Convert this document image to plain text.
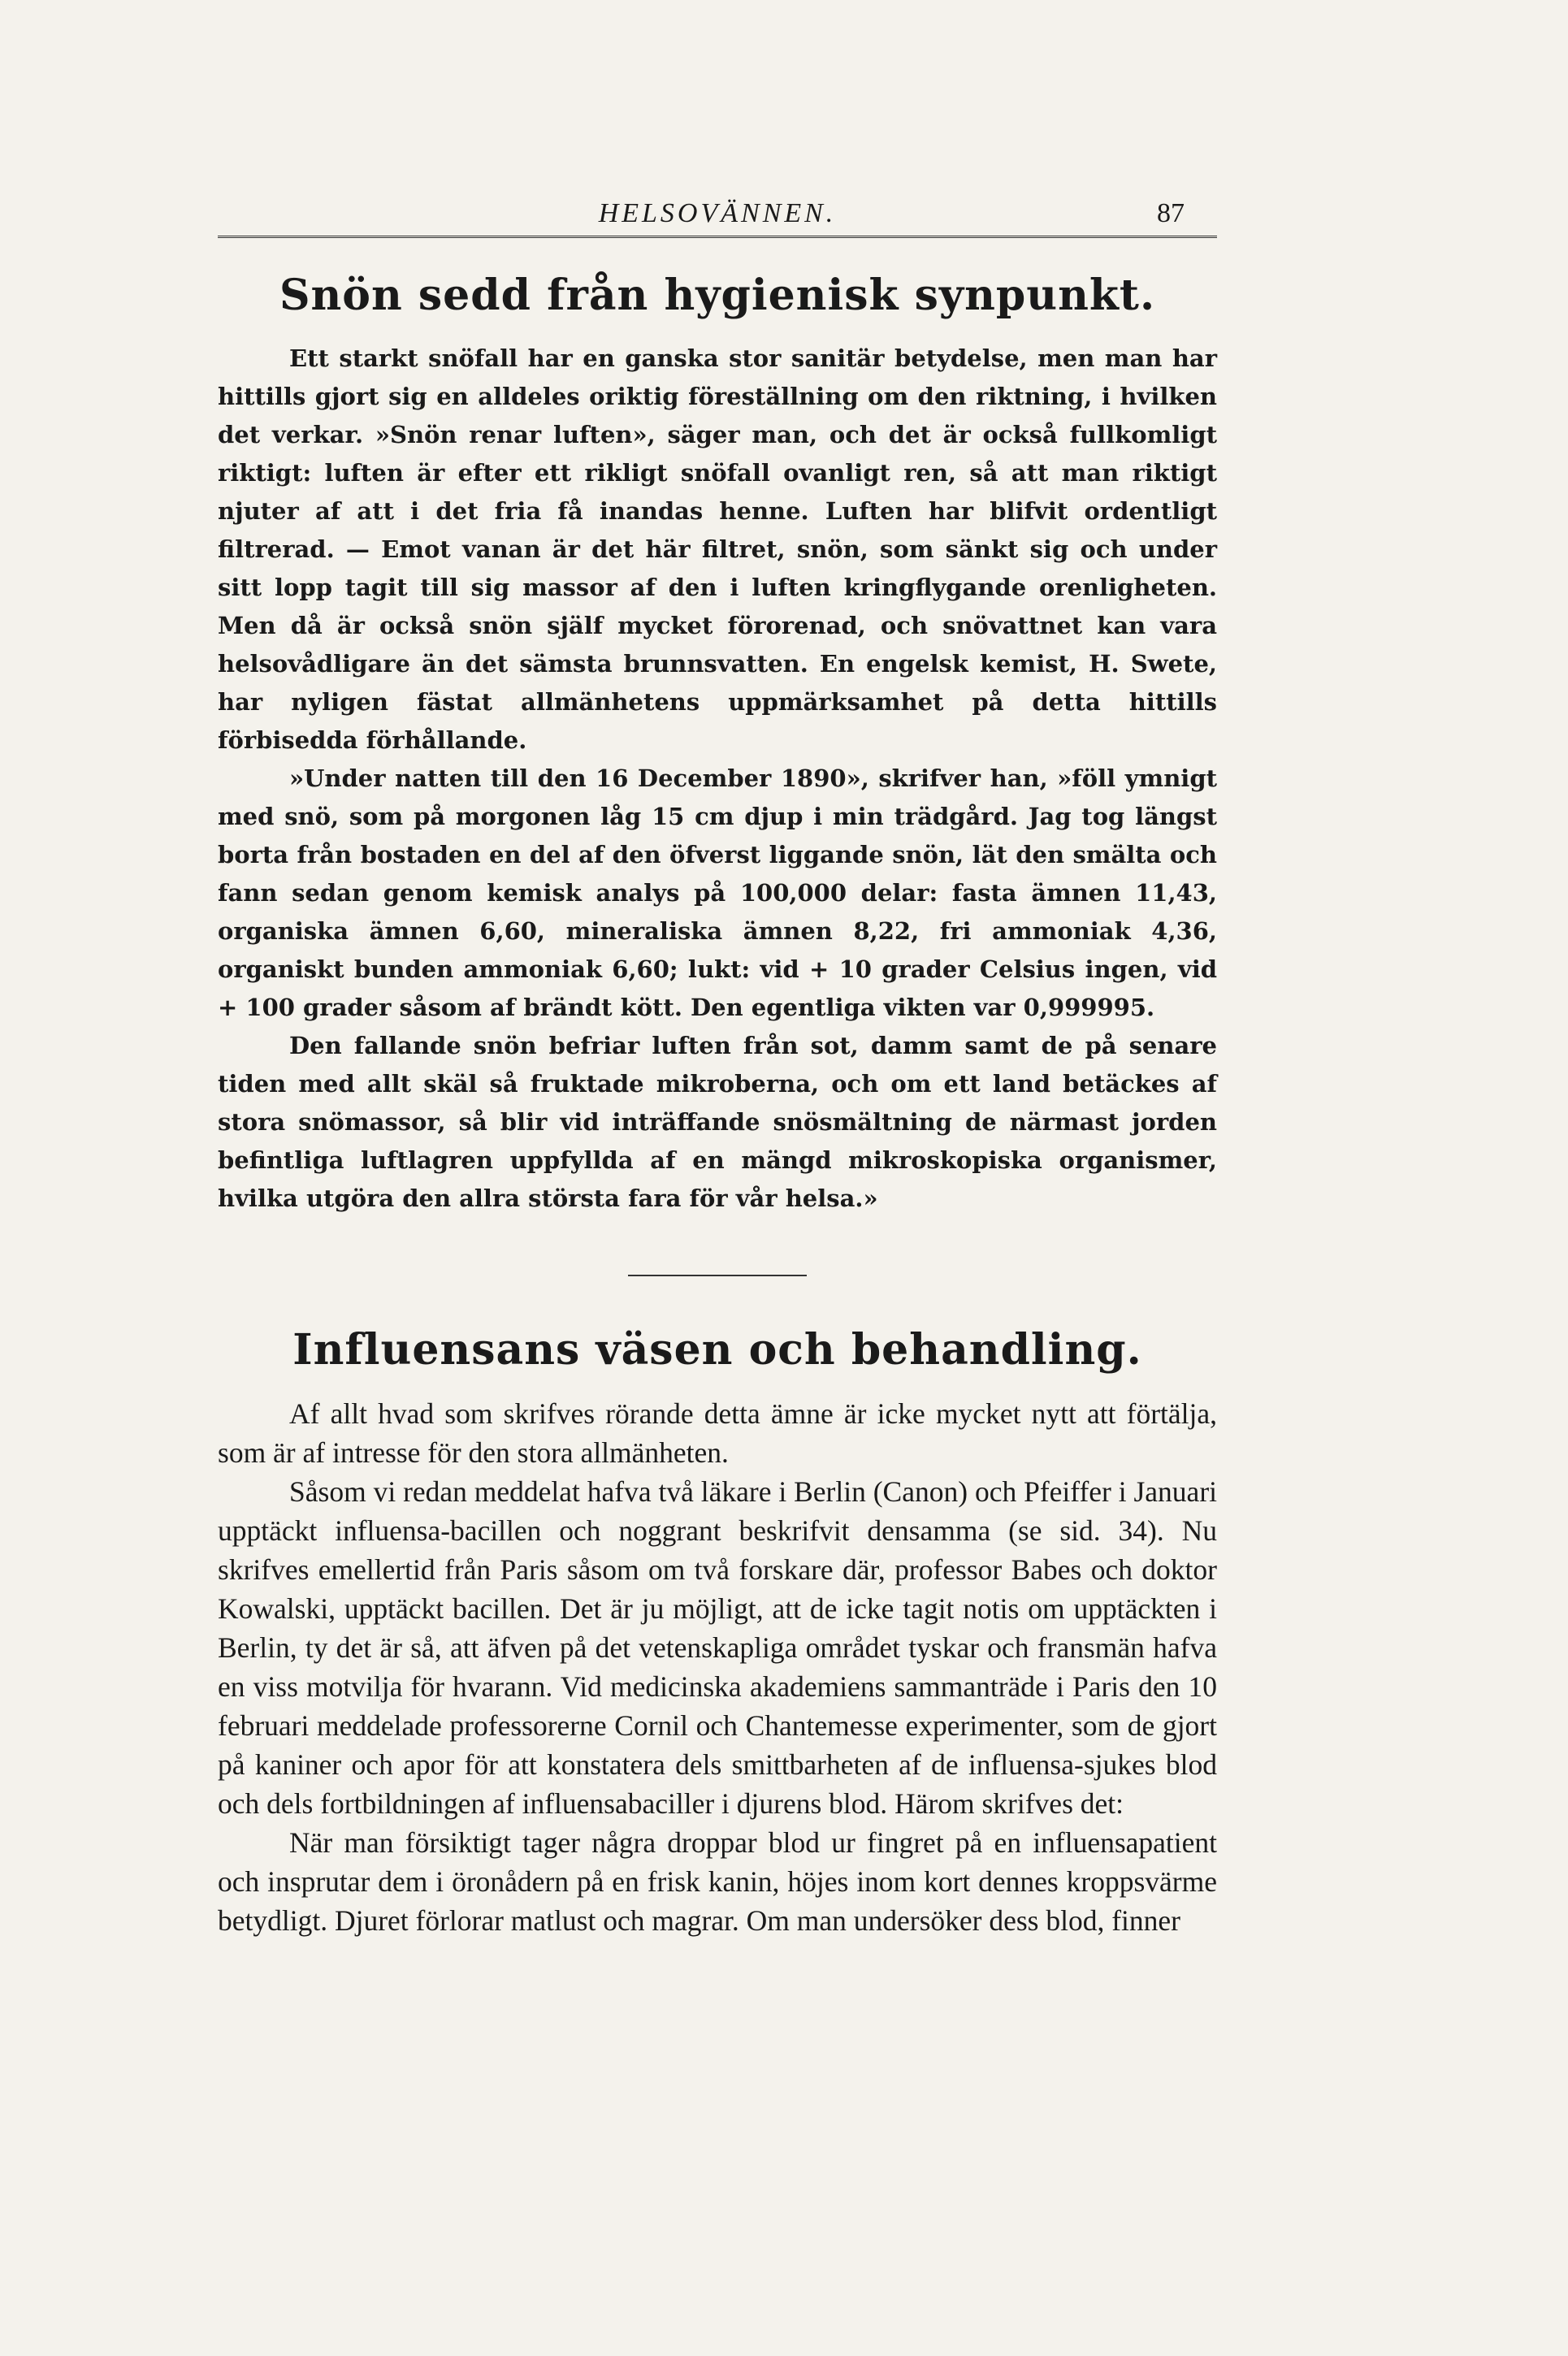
HELSOVÄNNEN.	87
Snön sedd från hygienisk synpunkt.

Ett starkt snöfall har en ganska stor sanitär betydelse, men man har hittills gjort sig en alldeles oriktig föreställning om den riktning, i hvilken det verkar. »Snön renar luften», säger man, och det är också fullkomligt riktigt: luften är efter ett rikligt snöfall ovanligt ren, så att man riktigt njuter af att i det fria få inandas henne. Luften har blifvit ordentligt filtrerad. — Emot vanan är det här filtret, snön, som sänkt sig och under sitt lopp tagit till sig massor af den i luften kringflygande orenligheten. Men då är också snön själf mycket förorenad, och snövattnet kan vara helsovådligare än det sämsta brunnsvatten. En engelsk kemist, H. Swete, har nyligen fästat allmänhetens uppmärksamhet på detta hittills förbisedda förhållande.

»Under natten till den 16 December 1890», skrifver han, »föll ymnigt med snö, som på morgonen låg 15 cm djup i min trädgård. Jag tog längst borta från bostaden en del af den öfverst liggande snön, lät den smälta och fann sedan genom kemisk analys på 100,000 delar: fasta ämnen 11,43, organiska ämnen 6,60, mineraliska ämnen 8,22, fri ammoniak 4,36, organiskt bunden ammoniak 6,60; lukt: vid + 10 grader Celsius ingen, vid + 100 grader såsom af brändt kött. Den egentliga vikten var 0,999995.

Den fallande snön befriar luften från sot, damm samt de på senare tiden med allt skäl så fruktade mikroberna, och om ett land betäckes af stora snömassor, så blir vid inträffande snösmältning de närmast jorden befintliga luftlagren uppfyllda af en mängd mikroskopiska organismer, hvilka utgöra den allra största fara för vår helsa.»

Influensans väsen och behandling.

Af allt hvad som skrifves rörande detta ämne är icke mycket nytt att förtälja, som är af intresse för den stora allmänheten.

Såsom vi redan meddelat hafva två läkare i Berlin (Canon) och Pfeiffer i Januari upptäckt influensa-bacillen och noggrant beskrifvit densamma (se sid. 34). Nu skrifves emellertid från Paris såsom om två forskare där, professor Babes och doktor Kowalski, upptäckt bacillen. Det är ju möjligt, att de icke tagit notis om upptäckten i Berlin, ty det är så, att äfven på det vetenskapliga området tyskar och fransmän hafva en viss motvilja för hvarann. Vid medicinska akademiens sammanträde i Paris den 10 februari meddelade professorerne Cornil och Chantemesse experimenter, som de gjort på kaniner och apor för att konstatera dels smittbarheten af de influensa-sjukes blod och dels fortbildningen af influensabaciller i djurens blod. Härom skrifves det:

När man försiktigt tager några droppar blod ur fingret på en influensapatient och insprutar dem i öronådern på en frisk kanin, höjes inom kort dennes kroppsvärme betydligt. Djuret förlorar matlust och magrar. Om man undersöker dess blod, finner
